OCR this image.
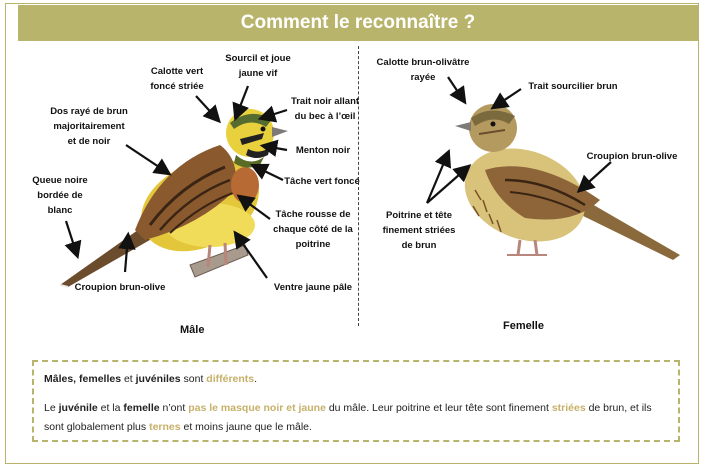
Comment le reconnaître ?
Sourcil et joue
jaune vif
Calotte vert
foncé striée
Dos rayé de brun
majoritairement
et de noir
Trait noir allant
du bec à l’œil
Menton noir
Tâche vert foncé
Queue noire
bordée de
blanc	Tâche rousse de
chaque côté de la
poitrine
Croupion brun-olive	Ventre jaune pâle
Mâle
Calotte brun-olivâtre
rayée
Trait sourcilier brun
Croupion brun-olive
Poitrine et tête
finement striées
de brun
Femelle

Mâles, femelles et juvéniles sont différents.

Le juvénile et la femelle n’ont pas le masque noir et jaune du mâle. Leur poitrine et leur tête sont finement striées de brun, et ils sont globalement plus ternes et moins jaune que le mâle.
